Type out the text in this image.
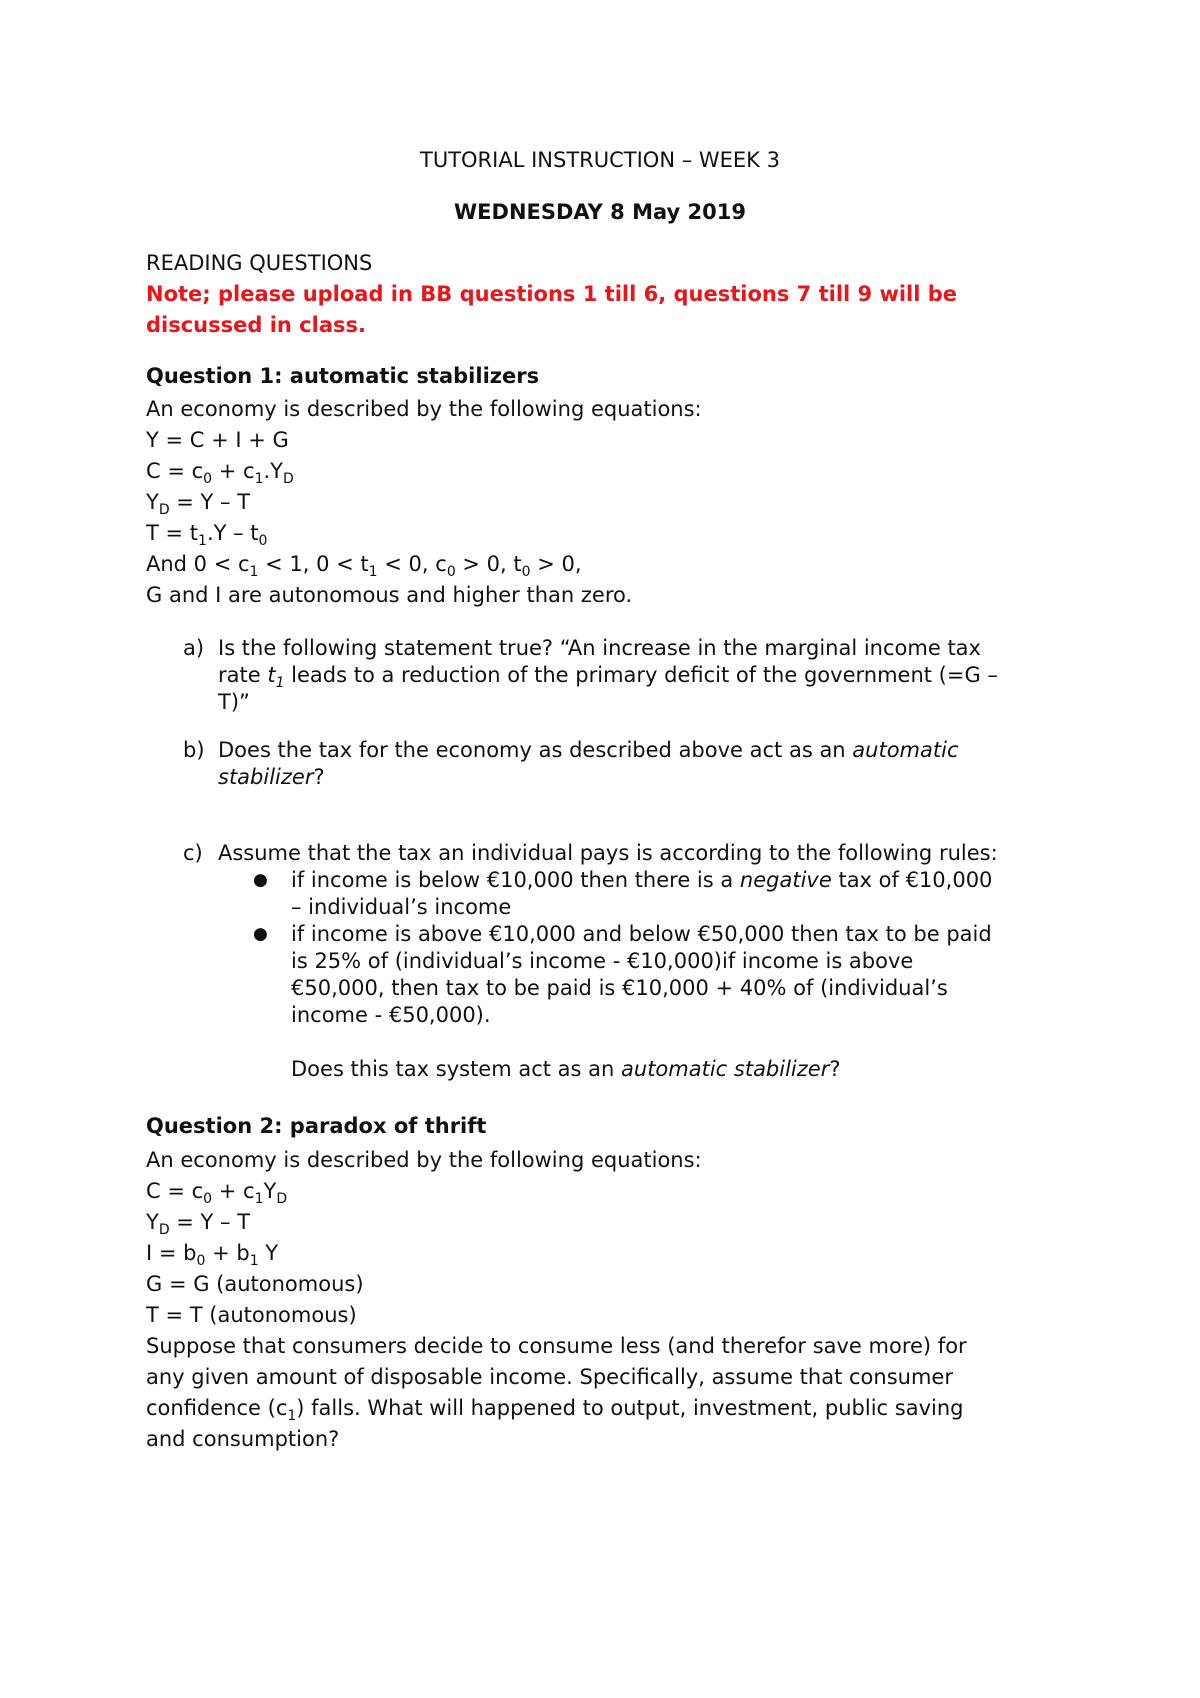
TUTORIAL INSTRUCTION – WEEK 3
WEDNESDAY 8 May 2019
READING QUESTIONS
Note; please upload in BB questions 1 till 6, questions 7 till 9 will be
discussed in class.
Question 1: automatic stabilizers
An economy is described by the following equations:
Y = C + I + G
$C = c_0 + c_1.Y_D$
$Y_D = Y - T$
$T = t_1.Y - t_0$
And $0 < c_1 < 1$, $0 < t_1 < 0$, $c_0 > 0$, $t_0 > 0$,
G and I are autonomous and higher than zero.
a) Is the following statement true? “An increase in the marginal income tax
rate $t_1$ leads to a reduction of the primary deficit of the government (=G –
T)”
b) Does the tax for the economy as described above act as an automatic
stabilizer?
c) Assume that the tax an individual pays is according to the following rules:
● if income is below €10,000 then there is a negative tax of €10,000
– individual’s income
● if income is above €10,000 and below €50,000 then tax to be paid
is 25% of (individual’s income - €10,000)if income is above
€50,000, then tax to be paid is €10,000 + 40% of (individual’s
income - €50,000).
Does this tax system act as an automatic stabilizer?
Question 2: paradox of thrift
An economy is described by the following equations:
$C = c_0 + c_1Y_D$
$Y_D = Y - T$
$I = b_0 + b_1$ Y
G = G (autonomous)
T = T (autonomous)
Suppose that consumers decide to consume less (and therefor save more) for
any given amount of disposable income. Specifically, assume that consumer
confidence $(c_1)$ falls. What will happened to output, investment, public saving
and consumption?
